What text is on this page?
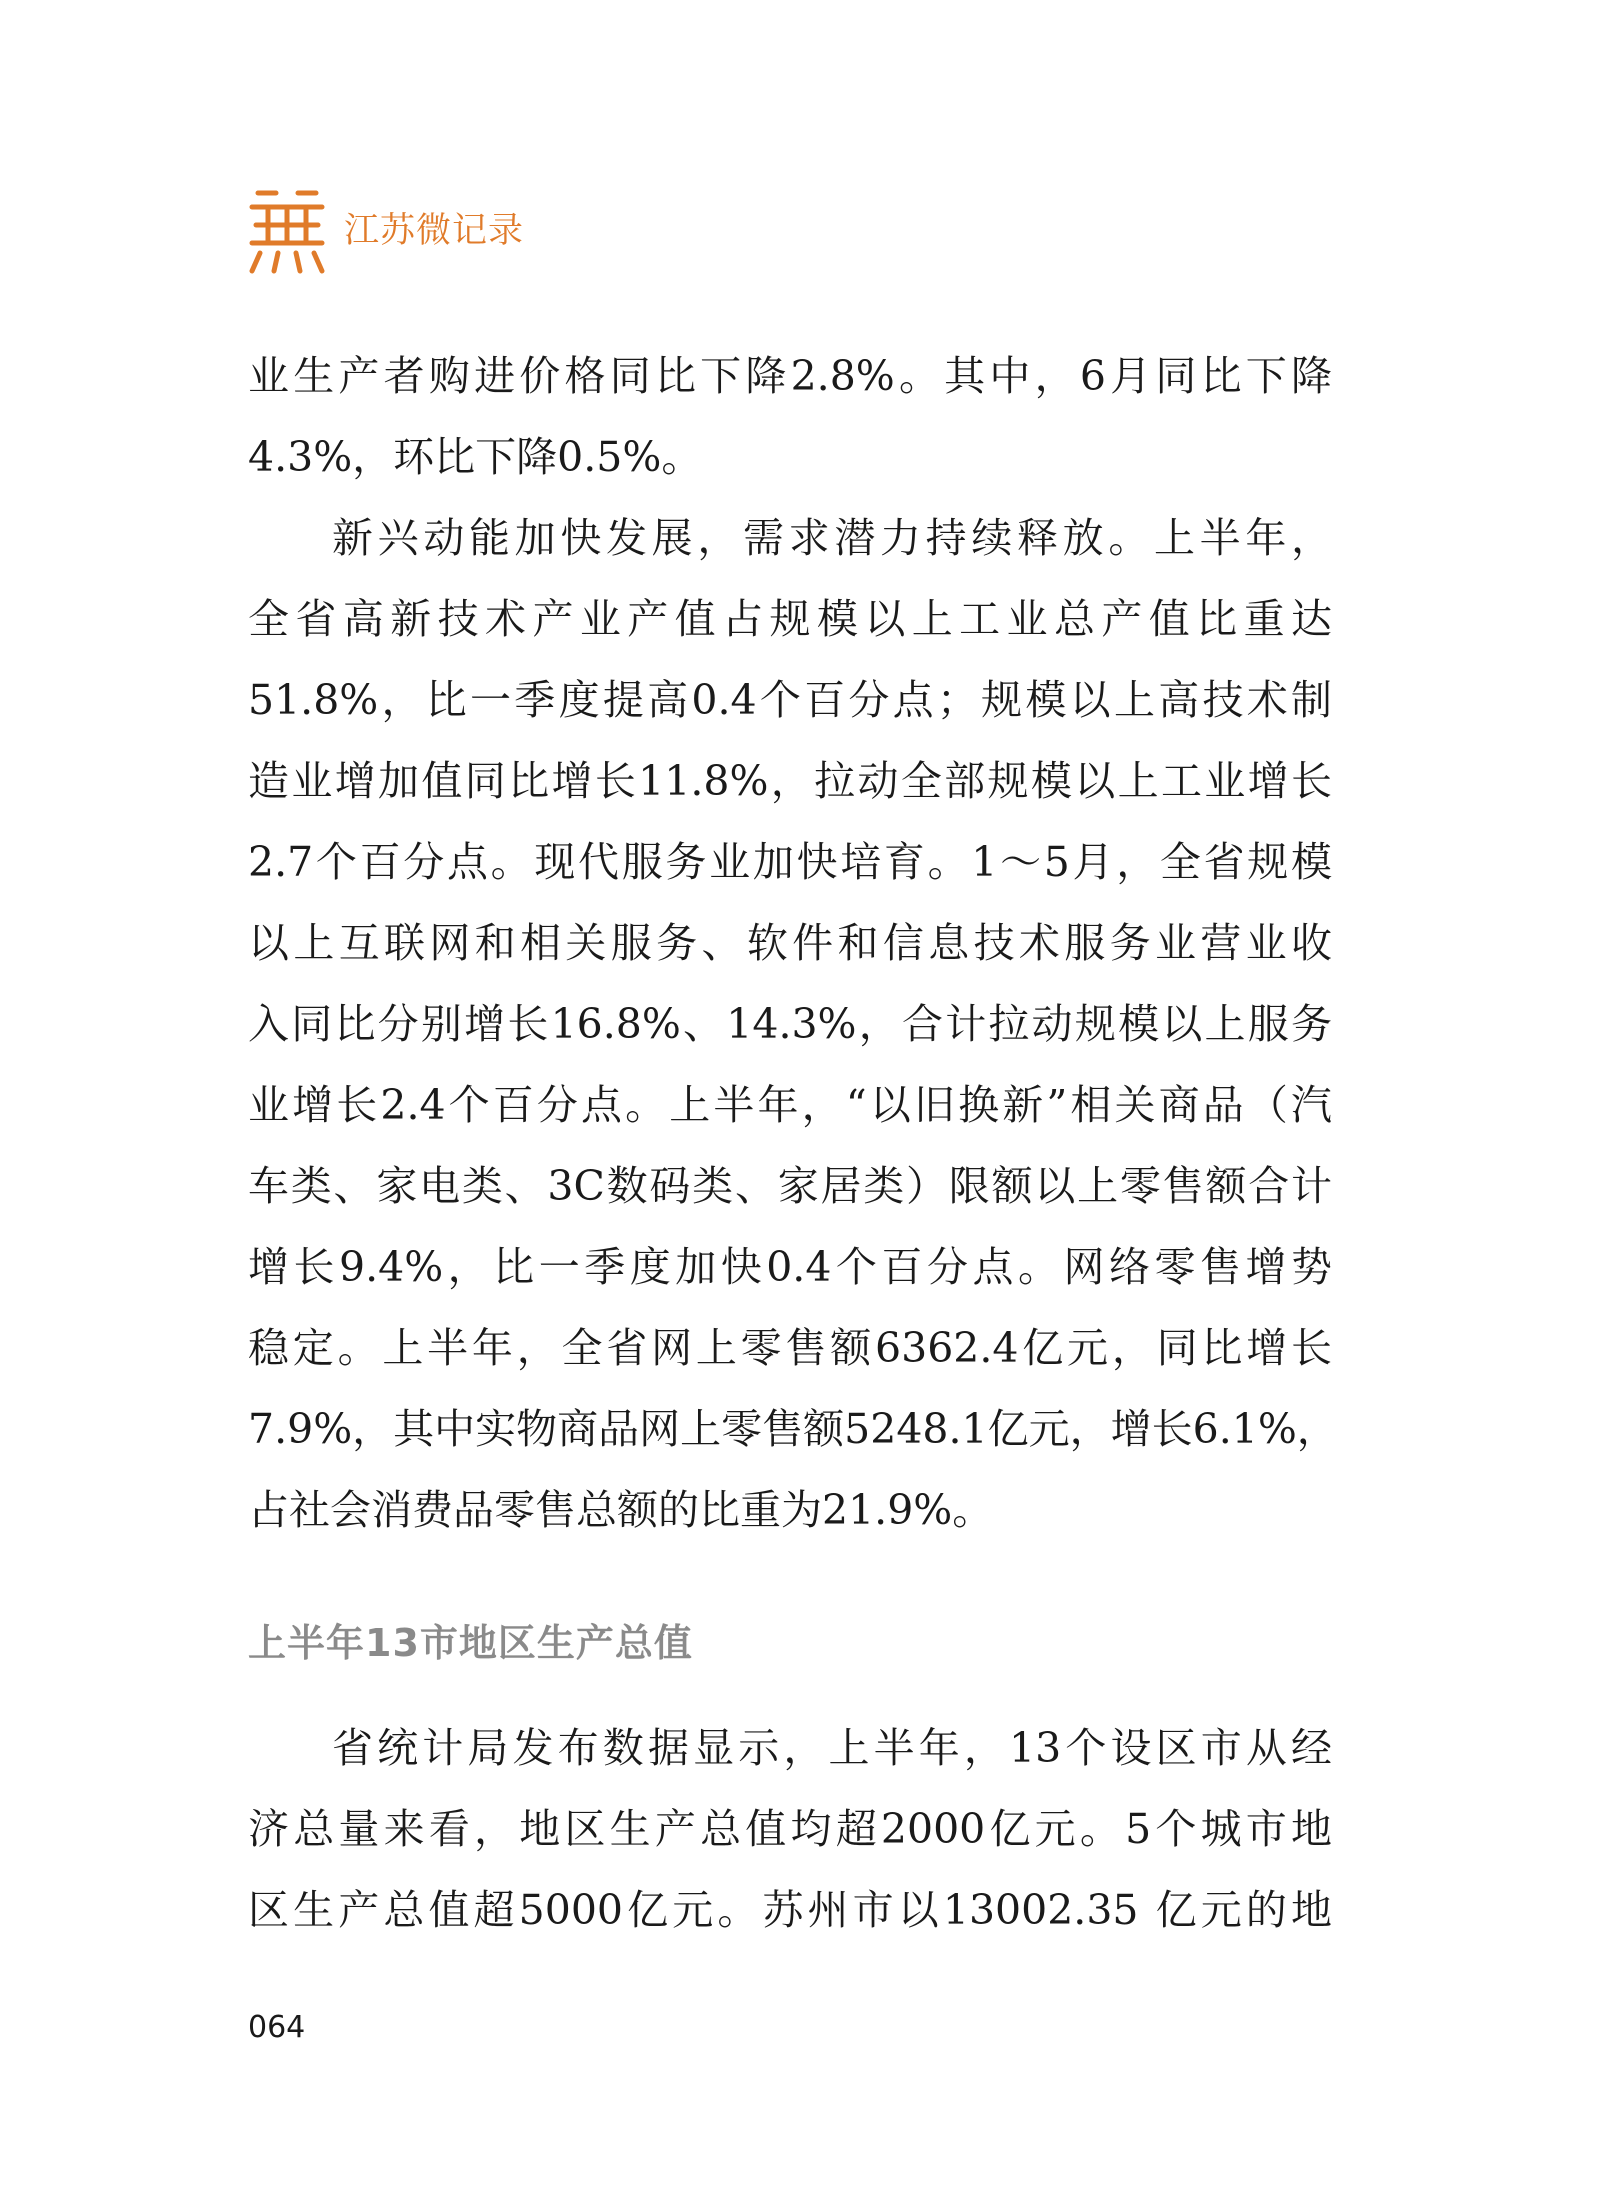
江苏微记录
业生产者购进价格同比下降2.8%。其中，6月同比下降
4.3%，环比下降0.5%。
新兴动能加快发展，需求潜力持续释放。上半年，
全省高新技术产业产值占规模以上工业总产值比重达
51.8%，比一季度提高0.4个百分点；规模以上高技术制
造业增加值同比增长11.8%，拉动全部规模以上工业增长
2.7个百分点。现代服务业加快培育。1～5月，全省规模
以上互联网和相关服务、软件和信息技术服务业营业收
入同比分别增长16.8%、14.3%，合计拉动规模以上服务
业增长2.4个百分点。上半年，“以旧换新”相关商品（汽
车类、家电类、3C数码类、家居类）限额以上零售额合计
增长9.4%，比一季度加快0.4个百分点。网络零售增势
稳定。上半年，全省网上零售额6362.4亿元，同比增长
7.9%，其中实物商品网上零售额5248.1亿元，增长6.1%，
占社会消费品零售总额的比重为21.9%。
上半年13市地区生产总值
省统计局发布数据显示，上半年，13个设区市从经
济总量来看，地区生产总值均超2000亿元。5个城市地
区生产总值超5000亿元。苏州市以13002.35 亿元的地
064
